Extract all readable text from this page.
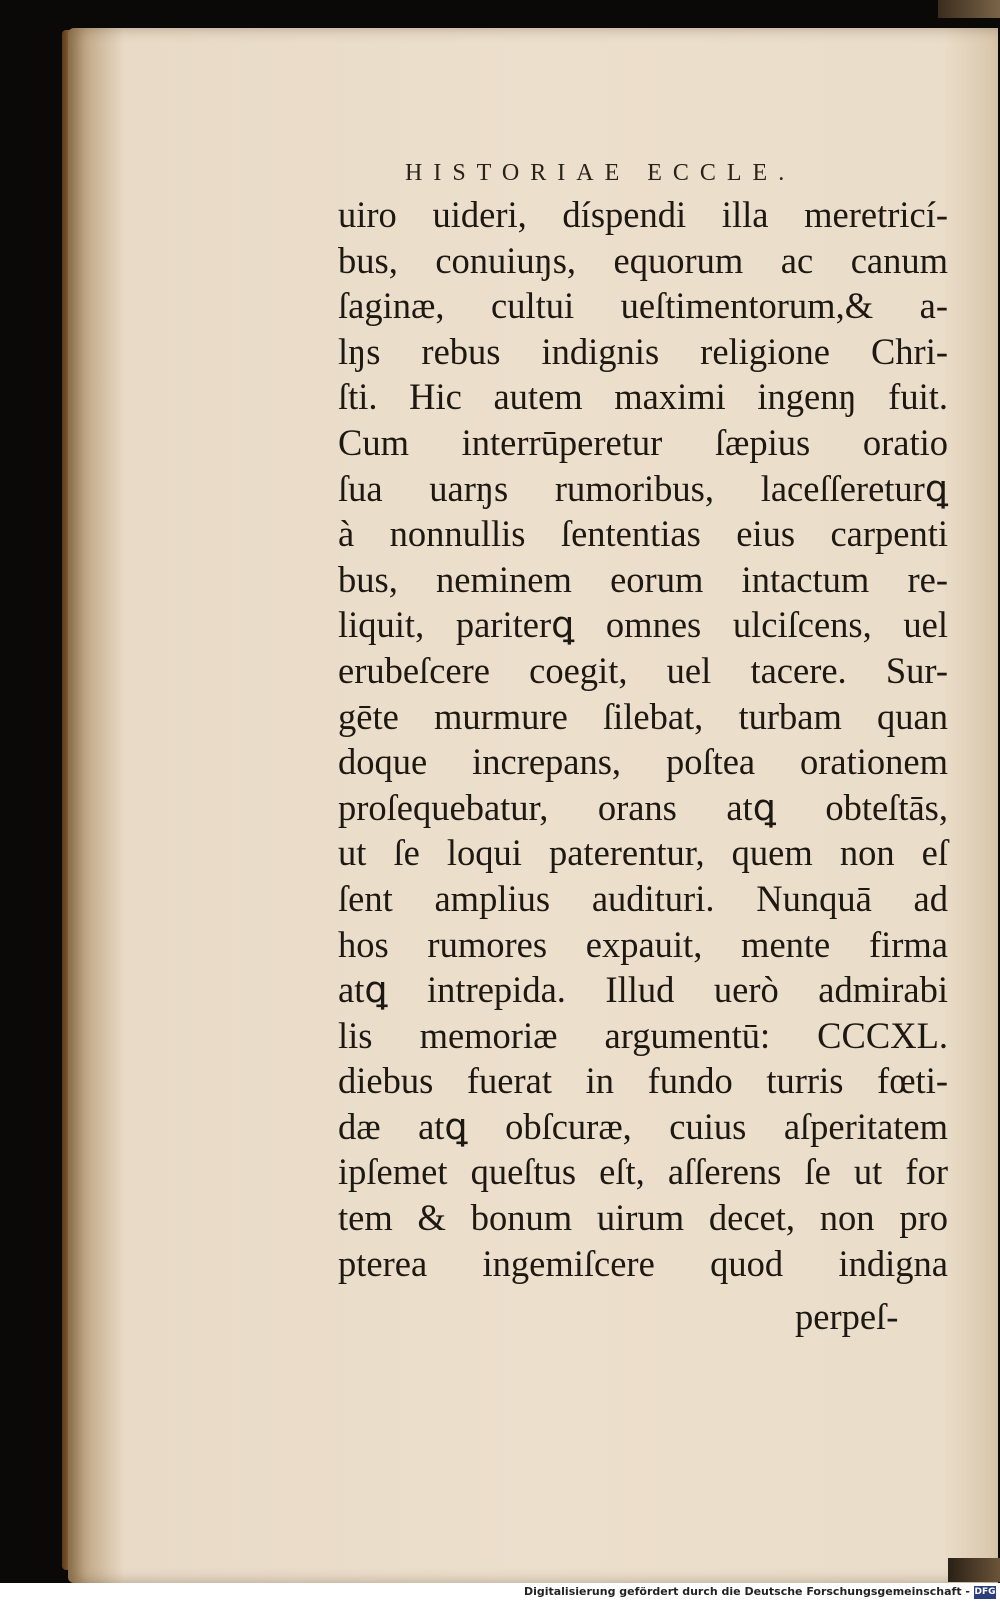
HISTORIAE ECCLE.
uiro uideri, díspendi illa meretricí-
bus, conuiuŋs, equorum ac canum
ſaginæ, cultui ueſtimentorum,& a-
lŋs rebus indignis religione Chri-
ſti. Hic autem maximi ingenŋ fuit.
Cum interrūperetur ſæpius oratio
ſua uarŋs rumoribus, laceſſereturꝗ
à nonnullis ſententias eius carpenti
bus, neminem eorum intactum re-
liquit, pariterꝗ omnes ulciſcens, uel
erubeſcere coegit, uel tacere. Sur-
gēte murmure ſilebat, turbam quan
doque increpans, poſtea orationem
proſequebatur, orans atꝗ obteſtās,
ut ſe loqui paterentur, quem non eſ
ſent amplius audituri. Nunquā ad
hos rumores expauit, mente firma
atꝗ intrepida. Illud uerò admirabi
lis memoriæ argumentū: CCCXL.
diebus fuerat in fundo turris fœti-
dæ atꝗ obſcuræ, cuius aſperitatem
ipſemet queſtus eſt, aſſerens ſe ut for
tem & bonum uirum decet, non pro
pterea ingemiſcere quod indigna
perpeſ-
Digitalisierung gefördert durch die Deutsche Forschungsgemeinschaft - DFG
